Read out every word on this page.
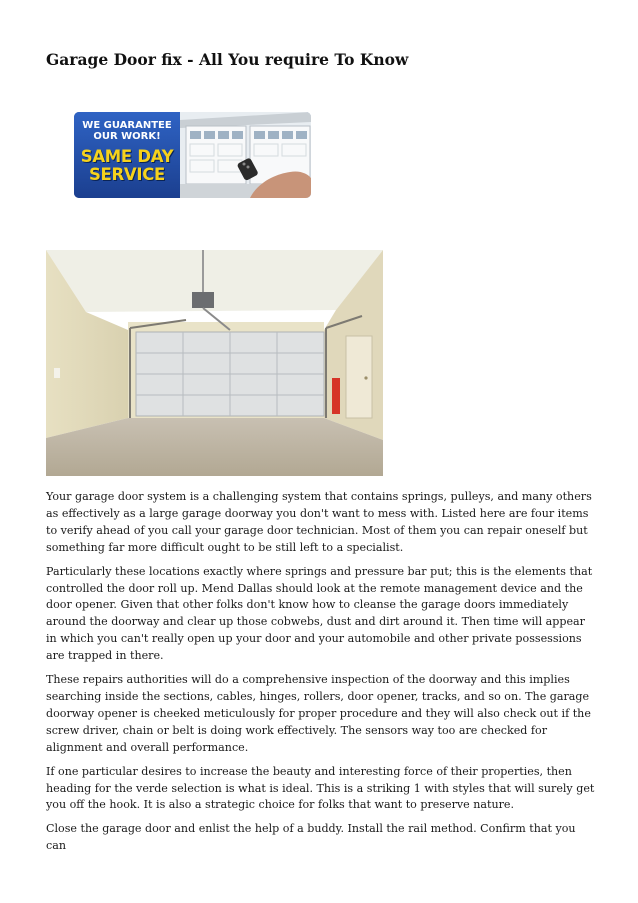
Garage Door fix - All You require To Know
WE GUARANTEE OUR WORK!
SAME DAY SERVICE

Your garage door system is a challenging system that contains springs, pulleys, and many others as effectively as a large garage doorway you don't want to mess with. Listed here are four items to verify ahead of you call your garage door technician. Most of them you can repair oneself but something far more difficult ought to be still left to a specialist.

Particularly these locations exactly where springs and pressure bar put; this is the elements that controlled the door roll up. Mend Dallas should look at the remote management device and the door opener. Given that other folks don't know how to cleanse the garage doors immediately around the doorway and clear up those cobwebs, dust and dirt around it. Then time will appear in which you can't really open up your door and your automobile and other private possessions are trapped in there.

These repairs authorities will do a comprehensive inspection of the doorway and this implies searching inside the sections, cables, hinges, rollers, door opener, tracks, and so on. The garage doorway opener is cheeked meticulously for proper procedure and they will also check out if the screw driver, chain or belt is doing work effectively. The sensors way too are checked for alignment and overall performance.

If one particular desires to increase the beauty and interesting force of their properties, then heading for the verde selection is what is ideal. This is a striking 1 with styles that will surely get you off the hook. It is also a strategic choice for folks that want to preserve nature.

Close the garage door and enlist the help of a buddy. Install the rail method. Confirm that you can
